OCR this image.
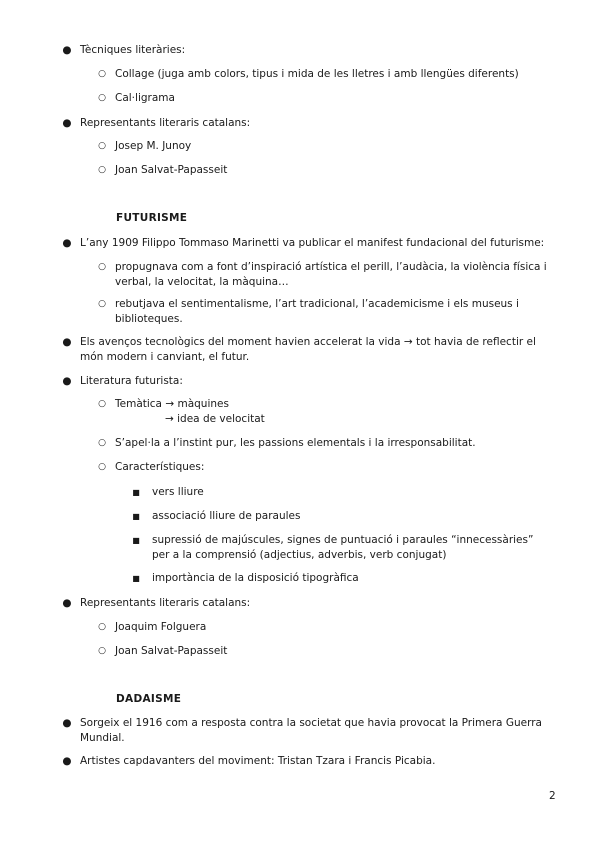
● Tècniques literàries:
○ Collage (juga amb colors, tipus i mida de les lletres i amb llengües diferents)
○ Cal·ligrama
● Representants literaris catalans:
○ Josep M. Junoy
○ Joan Salvat-Papasseit
FUTURISME
● L’any 1909 Filippo Tommaso Marinetti va publicar el manifest fundacional del futurisme:
○ propugnava com a font d’inspiració artística el perill, l’audàcia, la violència física i verbal, la velocitat, la màquina…
○ rebutjava el sentimentalisme, l’art tradicional, l’academicisme i els museus i biblioteques.
● Els avenços tecnològics del moment havien accelerat la vida → tot havia de reflectir el món modern i canviant, el futur.
● Literatura futurista:
○ Temàtica → màquines
→ idea de velocitat
○ S’apel·la a l’instint pur, les passions elementals i la irresponsabilitat.
○ Característiques:
■ vers lliure
■ associació lliure de paraules
■ supressió de majúscules, signes de puntuació i paraules “innecessàries” per a la comprensió (adjectius, adverbis, verb conjugat)
■ importància de la disposició tipogràfica
● Representants literaris catalans:
○ Joaquim Folguera
○ Joan Salvat-Papasseit
DADAISME
● Sorgeix el 1916 com a resposta contra la societat que havia provocat la Primera Guerra Mundial.
● Artistes capdavanters del moviment: Tristan Tzara i Francis Picabia.
2
